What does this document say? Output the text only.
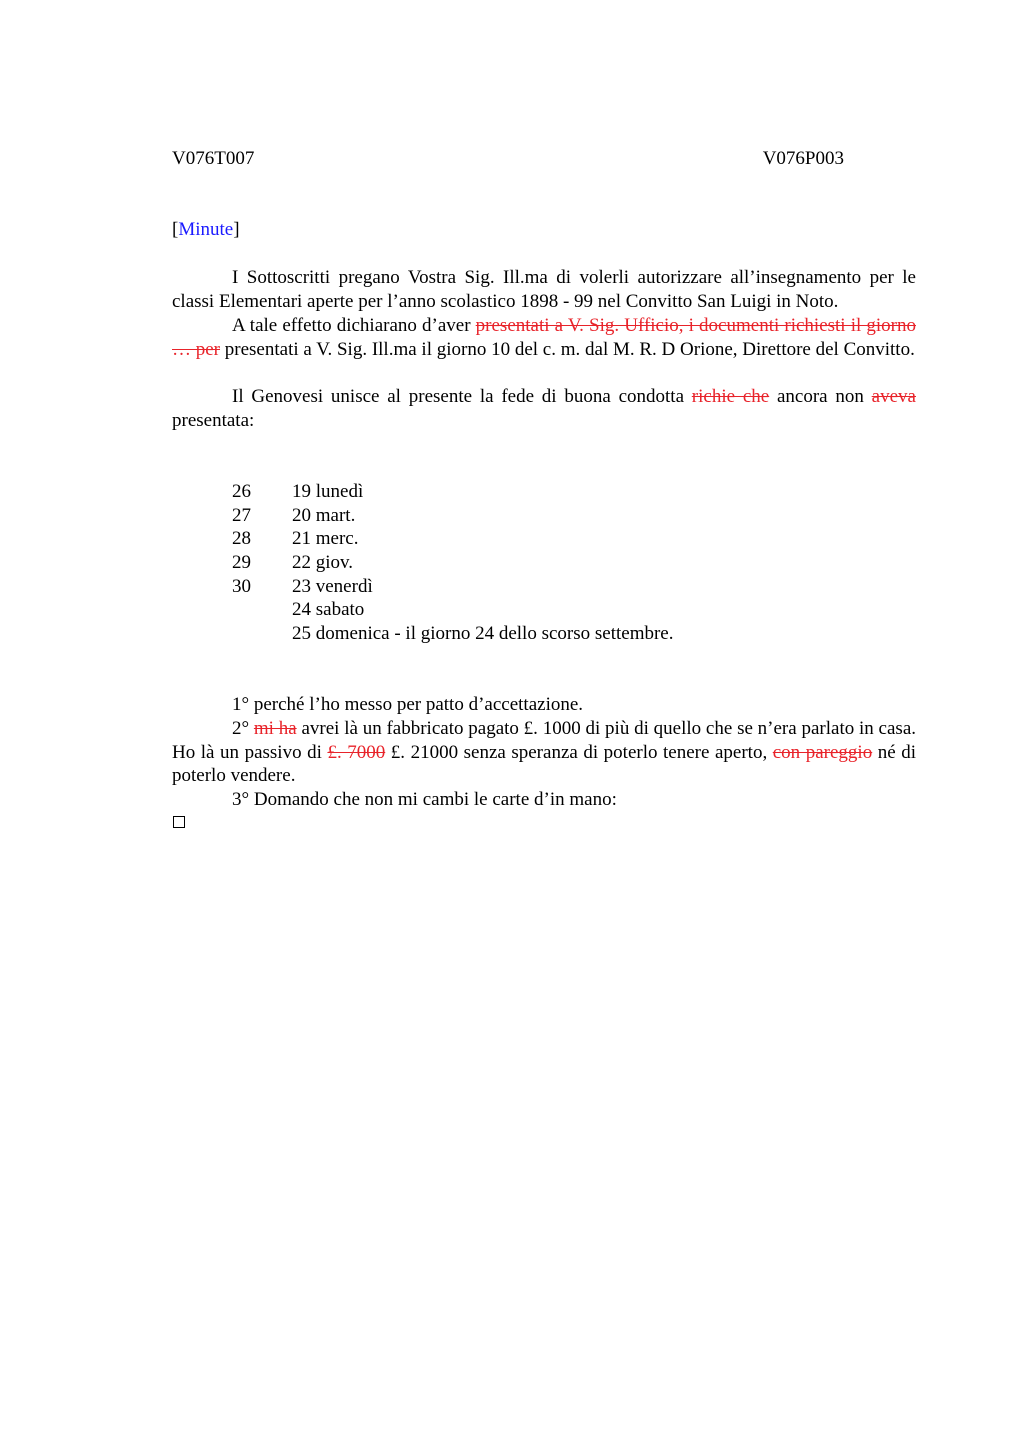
V076T007	V076P003
[Minute]
I Sottoscritti pregano Vostra Sig. Ill.ma di volerli autorizzare all’insegnamento per le classi Elementari aperte per l’anno scolastico 1898 - 99 nel Convitto San Luigi in Noto.
A tale effetto dichiarano d’aver presentati a V. Sig. Ufficio, i documenti richiesti il giorno … per presentati a V. Sig. Ill.ma il giorno 10 del c. m. dal M. R. D Orione, Direttore del Convitto.
Il Genovesi unisce al presente la fede di buona condotta richie che ancora non aveva presentata:
26 19 lunedì
27 20 mart.
28 21 merc.
29 22 giov.
30 23 venerdì
24 sabato
25 domenica - il giorno 24 dello scorso settembre.
1° perché l’ho messo per patto d’accettazione.
2° mi ha avrei là un fabbricato pagato £. 1000 di più di quello che se n’era parlato in casa. Ho là un passivo di £. 7000 £. 21000 senza speranza di poterlo tenere aperto, con pareggio né di poterlo vendere.
3° Domando che non mi cambi le carte d’in mano:
